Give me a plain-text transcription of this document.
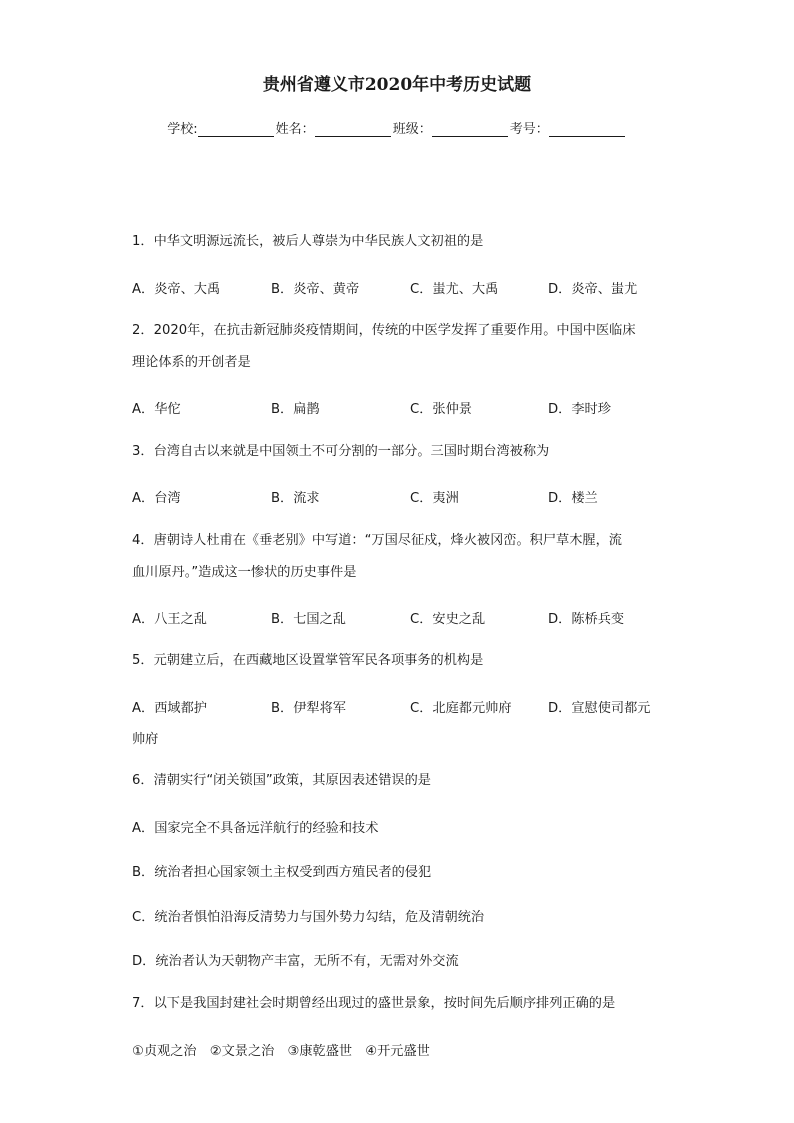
贵州省遵义市2020年中考历史试题
学校:	姓名：	班级：	考号：
1．中华文明源远流长，被后人尊崇为中华民族人文初祖的是
A．炎帝、大禹	B．炎帝、黄帝	C．蚩尤、大禹	D．炎帝、蚩尤
2．2020年，在抗击新冠肺炎疫情期间，传统的中医学发挥了重要作用。中国中医临床
理论体系的开创者是
A．华佗	B．扁鹊	C．张仲景	D．李时珍
3．台湾自古以来就是中国领土不可分割的一部分。三国时期台湾被称为
A．台湾	B．流求	C．夷洲	D．楼兰
4．唐朝诗人杜甫在《垂老别》中写道：“万国尽征戍，烽火被冈峦。积尸草木腥，流
血川原丹。”造成这一惨状的历史事件是
A．八王之乱	B．七国之乱	C．安史之乱	D．陈桥兵变
5．元朝建立后，在西藏地区设置掌管军民各项事务的机构是
A．西域都护	B．伊犁将军	C．北庭都元帅府	D．宣慰使司都元
帅府
6．清朝实行“闭关锁国”政策，其原因表述错误的是
A．国家完全不具备远洋航行的经验和技术
B．统治者担心国家领土主权受到西方殖民者的侵犯
C．统治者惧怕沿海反清势力与国外势力勾结，危及清朝统治
D．统治者认为天朝物产丰富，无所不有，无需对外交流
7．以下是我国封建社会时期曾经出现过的盛世景象，按时间先后顺序排列正确的是
①贞观之治　②文景之治　③康乾盛世　④开元盛世
